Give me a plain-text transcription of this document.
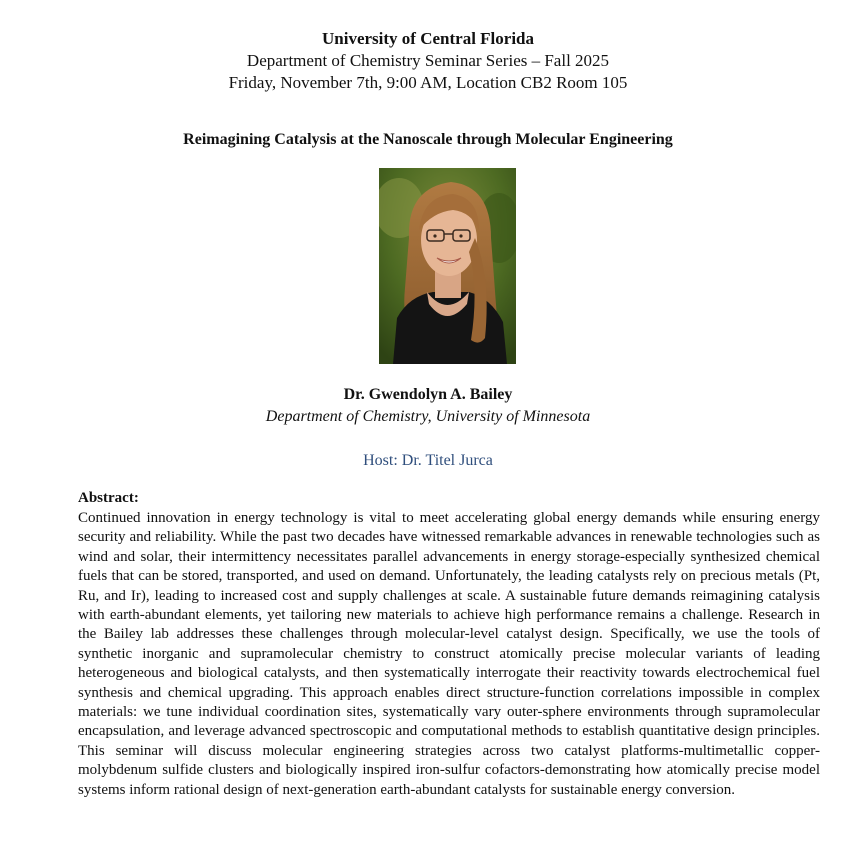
University of Central Florida

Department of Chemistry Seminar Series – Fall 2025

Friday, November 7th, 9:00 AM, Location CB2 Room 105

Reimagining Catalysis at the Nanoscale through Molecular Engineering

Dr. Gwendolyn A. Bailey

Department of Chemistry, University of Minnesota

Host: Dr. Titel Jurca

Abstract:

Continued innovation in energy technology is vital to meet accelerating global energy demands while ensuring energy security and reliability. While the past two decades have witnessed remarkable advances in renewable technologies such as wind and solar, their intermittency necessitates parallel advancements in energy storage-especially synthesized chemical fuels that can be stored, transported, and used on demand. Unfortunately, the leading catalysts rely on precious metals (Pt, Ru, and Ir), leading to increased cost and supply challenges at scale. A sustainable future demands reimagining catalysis with earth-abundant elements, yet tailoring new materials to achieve high performance remains a challenge. Research in the Bailey lab addresses these challenges through molecular-level catalyst design. Specifically, we use the tools of synthetic inorganic and supramolecular chemistry to construct atomically precise molecular variants of leading heterogeneous and biological catalysts, and then systematically interrogate their reactivity towards electrochemical fuel synthesis and chemical upgrading. This approach enables direct structure-function correlations impossible in complex materials: we tune individual coordination sites, systematically vary outer-sphere environments through supramolecular encapsulation, and leverage advanced spectroscopic and computational methods to establish quantitative design principles. This seminar will discuss molecular engineering strategies across two catalyst platforms-multimetallic copper-molybdenum sulfide clusters and biologically inspired iron-sulfur cofactors-demonstrating how atomically precise model systems inform rational design of next-generation earth-abundant catalysts for sustainable energy conversion.
